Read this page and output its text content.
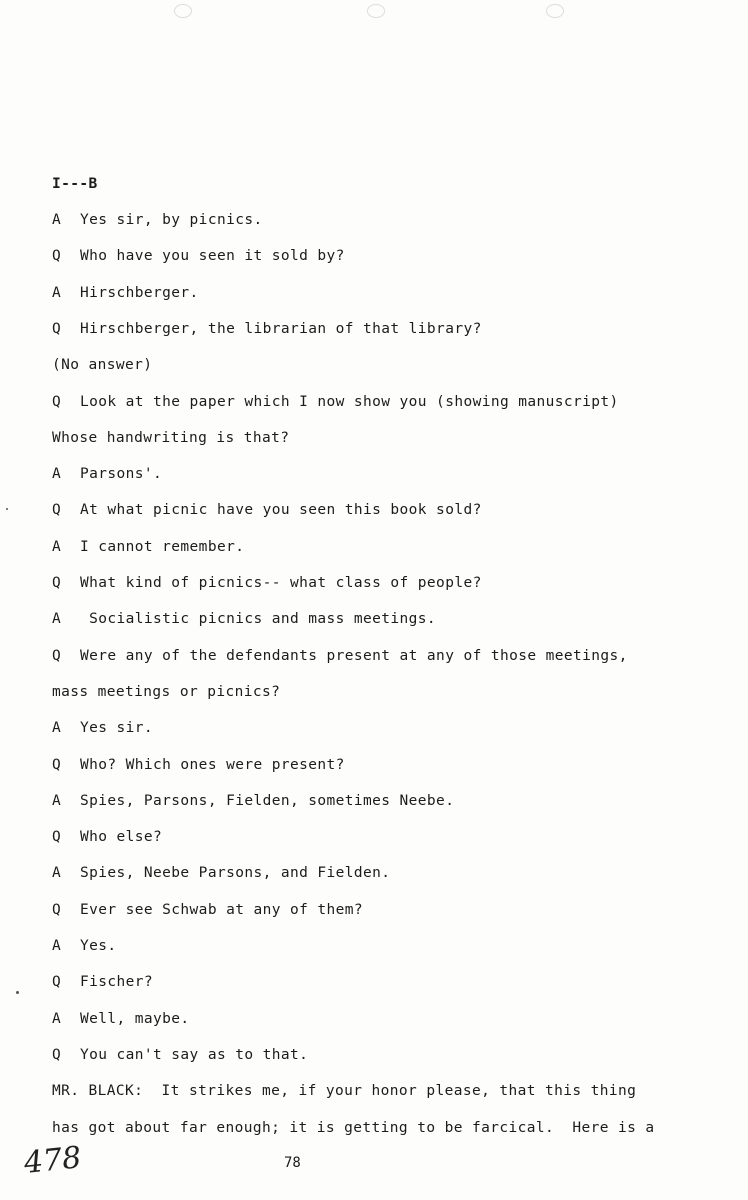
I---B
A Yes sir, by picnics.
Q Who have you seen it sold by?
A Hirschberger.
Q Hirschberger, the librarian of that library?
(No answer)
Q Look at the paper which I now show you (showing manuscript)
Whose handwriting is that?
A Parsons'.
Q At what picnic have you seen this book sold?
A I cannot remember.
Q What kind of picnics-- what class of people?
A Socialistic picnics and mass meetings.
Q Were any of the defendants present at any of those meetings,
mass meetings or picnics?
A Yes sir.
Q Who? Which ones were present?
A Spies, Parsons, Fielden, sometimes Neebe.
Q Who else?
A Spies, Neebe Parsons, and Fielden.
Q Ever see Schwab at any of them?
A Yes.
Q Fischer?
A Well, maybe.
Q You can't say as to that.
MR. BLACK:  It strikes me, if your honor please, that this thing
has got about far enough; it is getting to be farcical.  Here is a
78
478
